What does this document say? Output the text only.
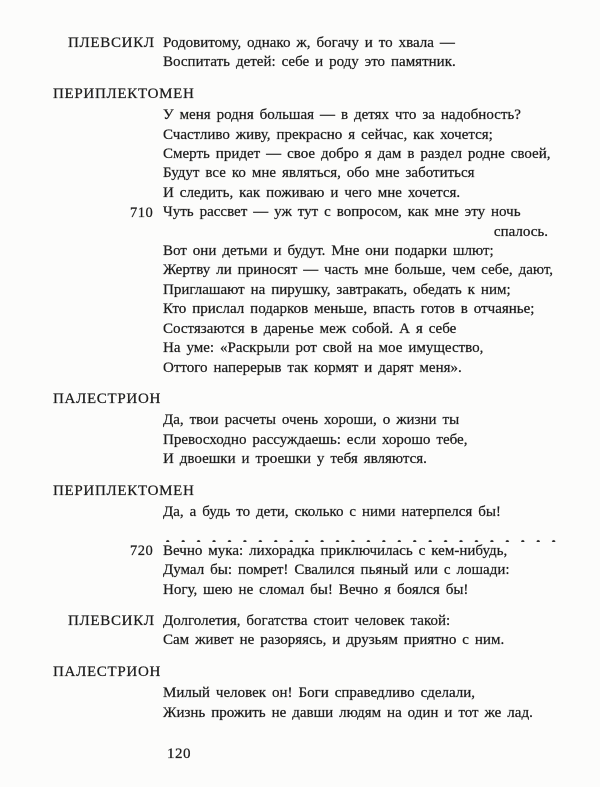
ПЛЕВСИКЛ Родовитому, однако ж, богачу и то хвала —
Воспитать детей: себе и роду это памятник.
ПЕРИПЛЕКТОМЕН
У меня родня большая — в детях что за надобность?
Счастливо живу, прекрасно я сейчас, как хочется;
Смерть придет — свое добро я дам в раздел родне своей,
Будут все ко мне являться, обо мне заботиться
И следить, как поживаю и чего мне хочется.
710 Чуть рассвет — уж тут с вопросом, как мне эту ночь
спалось.
Вот они детьми и будут. Мне они подарки шлют;
Жертву ли приносят — часть мне больше, чем себе, дают,
Приглашают на пирушку, завтракать, обедать к ним;
Кто прислал подарков меньше, впасть готов в отчаянье;
Состязаются в даренье меж собой. А я себе
На уме: «Раскрыли рот свой на мое имущество,
Оттого наперерыв так кормят и дарят меня».
ПАЛЕСТРИОН
Да, твои расчеты очень хороши, о жизни ты
Превосходно рассуждаешь: если хорошо тебе,
И двоешки и троешки у тебя являются.
ПЕРИПЛЕКТОМЕН
Да, а будь то дети, сколько с ними натерпелся бы!
720 Вечно мука: лихорадка приключилась с кем-нибудь,
Думал бы: помрет! Свалился пьяный или с лошади:
Ногу, шею не сломал бы! Вечно я боялся бы!
ПЛЕВСИКЛ Долголетия, богатства стоит человек такой:
Сам живет не разоряясь, и друзьям приятно с ним.
ПАЛЕСТРИОН
Милый человек он! Боги справедливо сделали,
Жизнь прожить не давши людям на один и тот же лад.
120
